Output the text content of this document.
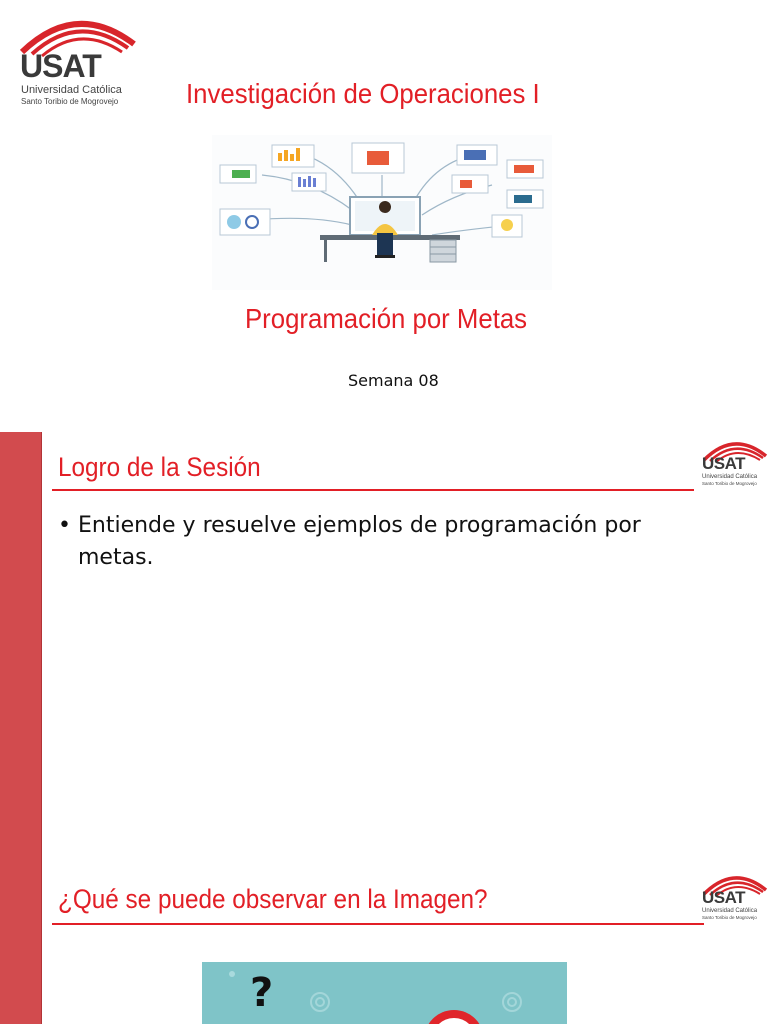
USAT
Universidad Católica
Santo Toribio de Mogrovejo Investigación de Operaciones I
Programación por Metas
Semana 08
Logro de la Sesión	USAT
Universidad Católica
Santo Toribio de Mogrovejo
• Entiende y resuelve ejemplos de programación por metas.
¿Qué se puede observar en la Imagen?	USAT
Universidad Católica
Santo Toribio de Mogrovejo
?
